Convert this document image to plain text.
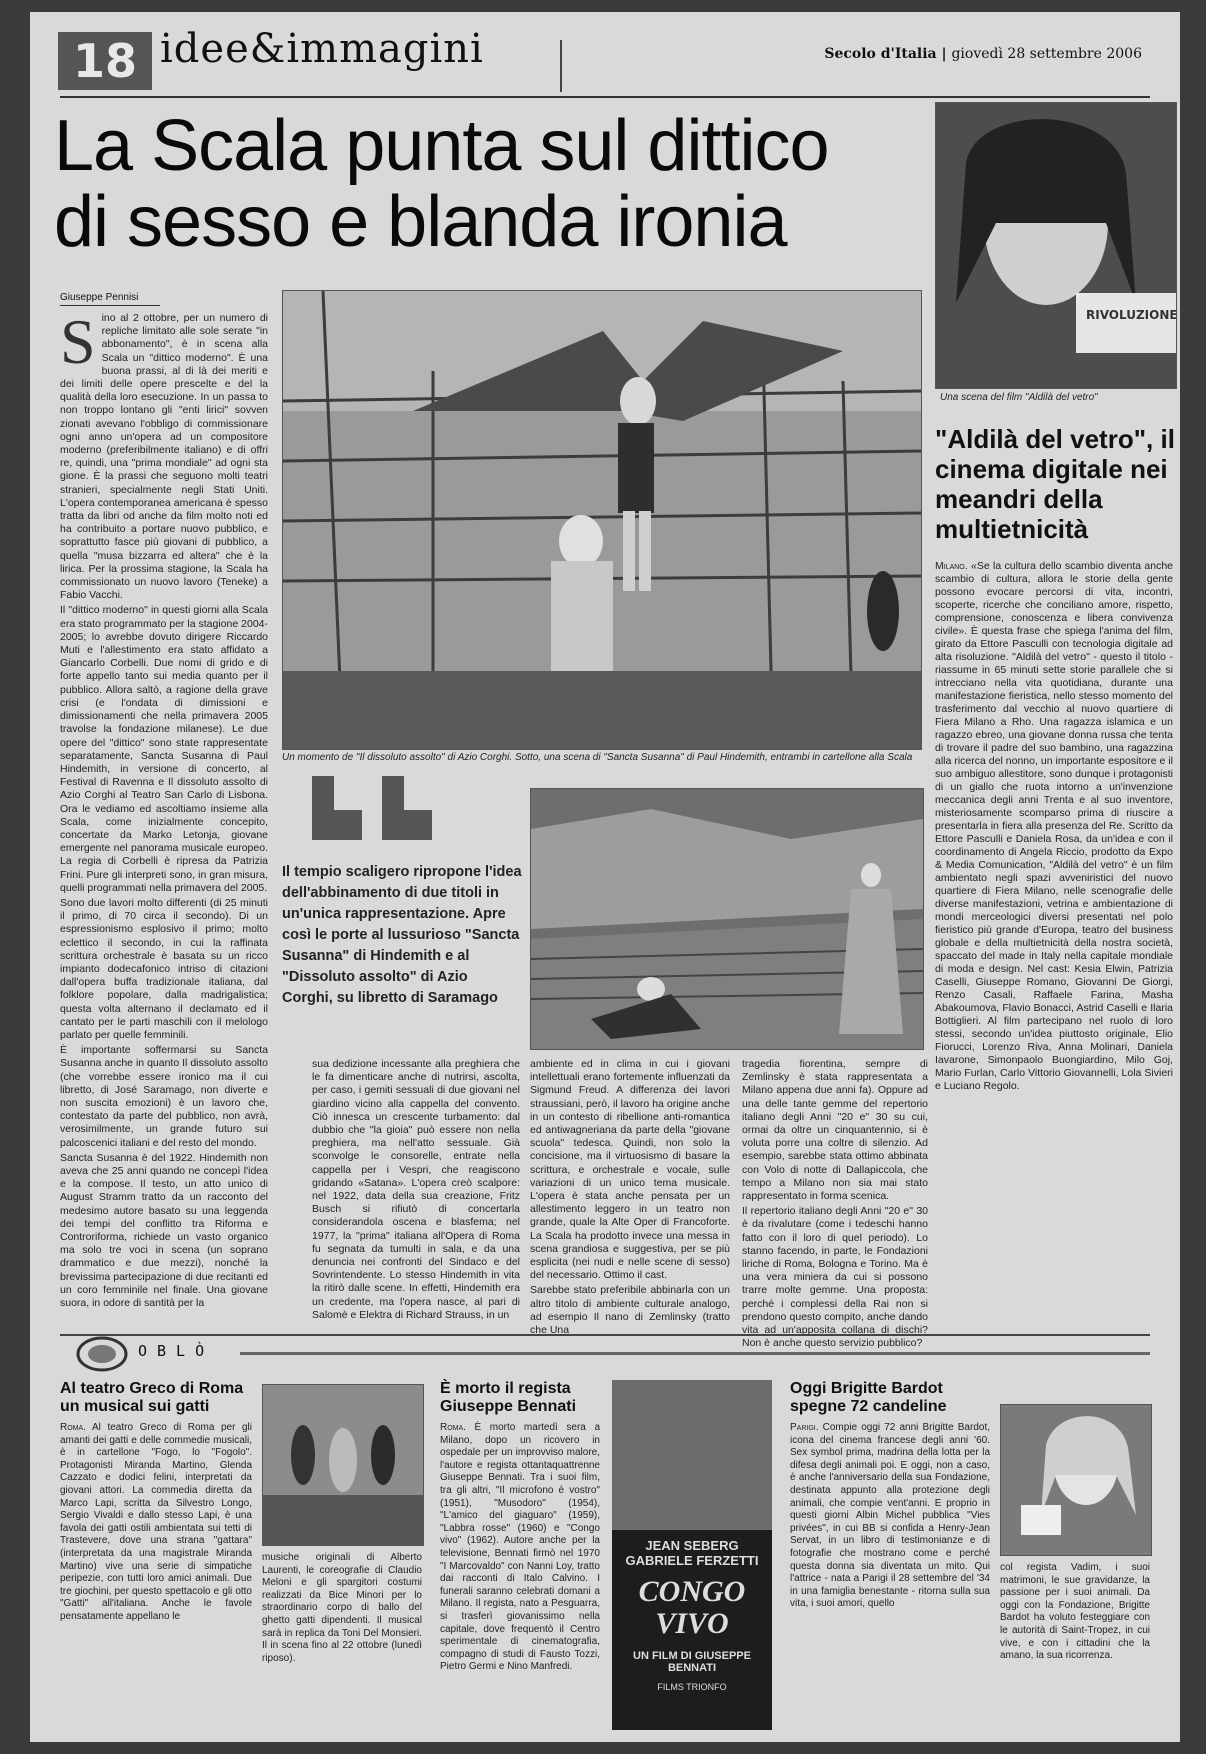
18 idee&immagini	Secolo d'Italia | giovedì 28 settembre 2006
La Scala punta sul dittico
di sesso e blanda ironia
Giuseppe Pennisi
S ino al 2 ottobre, per un numero di repliche limitato alle sole serate "in abbonamento", è in scena alla Scala un "dittico moderno". È una buona prassi, al di là dei meriti e dei limiti delle opere prescelte e del la qualità della loro esecuzione. In un passa to non troppo lontano gli "enti lirici" sovven zionati avevano l'obbligo di commissionare ogni anno un'opera ad un compositore moderno (preferibilmente italiano) e di offri re, quindi, una "prima mondiale" ad ogni sta gione. È la prassi che seguono molti teatri stranieri, specialmente negli Stati Uniti. L'opera contemporanea americana è spesso tratta da libri od anche da film molto noti ed ha contribuito a portare nuovo pubblico, e soprattutto fasce più giovani di pubblico, a quella "musa bizzarra ed altera" che è la lirica. Per la prossima stagione, la Scala ha commissionato un nuovo lavoro (Teneke) a Fabio Vacchi.

Il "dittico moderno" in questi giorni alla Scala era stato programmato per la stagione 2004-2005; lo avrebbe dovuto dirigere Riccardo Muti e l'allestimento era stato affidato a Giancarlo Corbelli. Due nomi di grido e di forte appello tanto sui media quanto per il pubblico. Allora saltò, a ragione della grave crisi (e l'ondata di dimissioni e dimissionamenti che nella primavera 2005 travolse la fondazione milanese). Le due opere del "dittico" sono state rappresentate separatamente, Sancta Susanna di Paul Hindemith, in versione di concerto, al Festival di Ravenna e Il dissoluto assolto di Azio Corghi al Teatro San Carlo di Lisbona. Ora le vediamo ed ascoltiamo insieme alla Scala, come inizialmente concepito, concertate da Marko Letonja, giovane emergente nel panorama musicale europeo. La regia di Corbelli è ripresa da Patrizia Frini. Pure gli interpreti sono, in gran misura, quelli programmati nella primavera del 2005.

Sono due lavori molto differenti (di 25 minuti il primo, di 70 circa il secondo). Di un espressionismo esplosivo il primo; molto eclettico il secondo, in cui la raffinata scrittura orchestrale è basata su un ricco impianto dodecafonico intriso di citazioni dall'opera buffa tradizionale italiana, dal folklore popolare, dalla madrigalistica; questa volta alternano il declamato ed il cantato per le parti maschili con il melologo parlato per quelle femminili.

È importante soffermarsi su Sancta Susanna anche in quanto Il dissoluto assolto (che vorrebbe essere ironico ma il cui libretto, di José Saramago, non diverte e non suscita emozioni) è un lavoro che, contestato da parte del pubblico, non avrà, verosimilmente, un grande futuro sui palcoscenici italiani e del resto del mondo.

Sancta Susanna è del 1922. Hindemith non aveva che 25 anni quando ne concepì l'idea e la compose. Il testo, un atto unico di August Stramm tratto da un racconto del medesimo autore basato su una leggenda dei tempi del conflitto tra Riforma e Controriforma, richiede un vasto organico ma solo tre voci in scena (un soprano drammatico e due mezzi), nonché la brevissima partecipazione di due recitanti ed un coro femminile nel finale. Una giovane suora, in odore di santità per la

Un momento de "Il dissoluto assolto" di Azio Corghi. Sotto, una scena di "Sancta Susanna" di Paul Hindemith, entrambi in cartellone alla Scala
Il tempio scaligero ripropone l'idea dell'abbinamento di due titoli in un'unica rappresentazione. Apre così le porte al lussurioso "Sancta Susanna" di Hindemith e al "Dissoluto assolto" di Azio Corghi, su libretto di Saramago

sua dedizione incessante alla preghiera che le fa dimenticare anche di nutrirsi, ascolta, per caso, i gemiti sessuali di due giovani nel giardino vicino alla cappella del convento. Ciò innesca un crescente turbamento: dal dubbio che "la gioia" può essere non nella preghiera, ma nell'atto sessuale. Già sconvolge le consorelle, entrate nella cappella per i Vespri, che reagiscono gridando «Satana». L'opera creò scalpore: nel 1922, data della sua creazione, Fritz Busch si rifiutò di concertarla considerandola oscena e blasfema; nel 1977, la "prima" italiana all'Opera di Roma fu segnata da tumulti in sala, e da una denuncia nei confronti del Sindaco e del Sovrintendente. Lo stesso Hindemith in vita la ritirò dalle scene. In effetti, Hindemith era un credente, ma l'opera nasce, al pari di Salomè e Elektra di Richard Strauss, in un

ambiente ed in clima in cui i giovani intellettuali erano fortemente influenzati da Sigmund Freud. A differenza dei lavori straussiani, però, il lavoro ha origine anche in un contesto di ribellione anti-romantica ed antiwagneriana da parte della "giovane scuola" tedesca. Quindi, non solo la concisione, ma il virtuosismo di basare la scrittura, e orchestrale e vocale, sulle variazioni di un unico tema musicale. L'opera è stata anche pensata per un allestimento leggero in un teatro non grande, quale la Alte Oper di Francoforte. La Scala ha prodotto invece una messa in scena grandiosa e suggestiva, per se più esplicita (nei nudi e nelle scene di sesso) del necessario. Ottimo il cast.

Sarebbe stato preferibile abbinarla con un altro titolo di ambiente culturale analogo, ad esempio Il nano di Zemlinsky (tratto che Una

tragedia fiorentina, sempre di Zemlinsky è stata rappresentata a Milano appena due anni fa). Oppure ad una delle tante gemme del repertorio italiano degli Anni "20 e" 30 su cui, ormai da oltre un cinquantennio, si è voluta porre una coltre di silenzio. Ad esempio, sarebbe stata ottimo abbinata con Volo di notte di Dallapiccola, che tempo a Milano non sia mai stato rappresentato in forma scenica.

Il repertorio italiano degli Anni "20 e" 30 è da rivalutare (come i tedeschi hanno fatto con il loro di quel periodo). Lo stanno facendo, in parte, le Fondazioni liriche di Roma, Bologna e Torino. Ma è una vera miniera da cui si possono trarre molte gemme. Una proposta: perché i complessi della Rai non si prendono questo compito, anche dando vita ad un'apposita collana di dischi? Non è anche questo servizio pubblico?

RIVOLUZIONE
Una scena del film "Aldilà del vetro"
"Aldilà del vetro", il cinema digitale nei meandri della multietnicità
Milano. «Se la cultura dello scambio diventa anche scambio di cultura, allora le storie della gente possono evocare percorsi di vita, incontri, scoperte, ricerche che conciliano amore, rispetto, comprensione, conoscenza e libera convivenza civile». È questa frase che spiega l'anima del film, girato da Ettore Pasculli con tecnologia digitale ad alta risoluzione. "Aldilà del vetro" - questo il titolo - riassume in 65 minuti sette storie parallele che si intrecciano nella vita quotidiana, durante una manifestazione fieristica, nello stesso momento del trasferimento dal vecchio al nuovo quartiere di Fiera Milano a Rho. Una ragazza islamica e un ragazzo ebreo, una giovane donna russa che tenta di trovare il padre del suo bambino, una ragazzina alla ricerca del nonno, un importante espositore e il suo ambiguo allestitore, sono dunque i protagonisti di un giallo che ruota intorno a un'invenzione meccanica degli anni Trenta e al suo inventore, misteriosamente scomparso prima di riuscire a presentarla in fiera alla presenza del Re. Scritto da Ettore Pasculli e Daniela Rosa, da un'idea e con il coordinamento di Angela Riccio, prodotto da Expo & Media Comunication, "Aldilà del vetro" è un film ambientato negli spazi avveniristici del nuovo quartiere di Fiera Milano, nelle scenografie delle diverse manifestazioni, vetrina e ambientazione di mondi merceologici diversi presentati nel polo fieristico più grande d'Europa, teatro del business globale e della multietnicità della nostra società, spaccato del made in Italy nella capitale mondiale di moda e design. Nel cast: Kesia Elwin, Patrizia Caselli, Giuseppe Romano, Giovanni De Giorgi, Renzo Casali, Raffaele Farina, Masha Abakoumova, Flavio Bonacci, Astrid Caselli e Ilaria Bottiglieri. Al film partecipano nel ruolo di loro stessi, secondo un'idea piuttosto originale, Elio Fiorucci, Lorenzo Riva, Anna Molinari, Daniela Iavarone, Simonpaolo Buongiardino, Milo Goj, Mario Furlan, Carlo Vittorio Giovannelli, Lola Sivieri e Luciano Regolo.
OBLÒ
Al teatro Greco di Roma un musical sui gatti
Roma. Al teatro Greco di Roma per gli amanti dei gatti e delle commedie musicali, è in cartellone "Fogo, lo "Fogolo". Protagonisti Miranda Martino, Glenda Cazzato e dodici felini, interpretati da giovani attori. La commedia diretta da Marco Lapi, scritta da Silvestro Longo, Sergio Vivaldi e dallo stesso Lapi, è una favola dei gatti ostili ambientata sui tetti di Trastevere, dove una strana "gattara" (interpretata da una magistrale Miranda Martino) vive una serie di simpatiche peripezie, con tutti loro amici animali. Due tre giochini, per questo spettacolo e gli otto "Gatti" all'italiana. Anche le favole pensatamente appellano le
musiche originali di Alberto Laurenti, le coreografie di Claudio Meloni e gli spargitori costumi realizzati da Bice Minori per lo straordinario corpo di ballo del ghetto gatti dipendenti. Il musical sarà in replica da Toni Del Monsieri. Il in scena fino al 22 ottobre (lunedì riposo).
È morto il regista Giuseppe Bennati
Roma. È morto martedì sera a Milano, dopo un ricovero in ospedale per un improvviso malore, l'autore e regista ottantaquattrenne Giuseppe Bennati. Tra i suoi film, tra gli altri, "Il microfono è vostro" (1951), "Musodoro" (1954), "L'amico del giaguaro" (1959), "Labbra rosse" (1960) e "Congo vivo" (1962). Autore anche per la televisione, Bennati firmò nel 1970 "I Marcovaldo" con Nanni Loy, tratto dai racconti di Italo Calvino. I funerali saranno celebrati domani a Milano. Il regista, nato a Pesguarra, si trasferì giovanissimo nella capitale, dove frequentò il Centro sperimentale di cinematografia, compagno di studi di Fausto Tozzi, Pietro Germi e Nino Manfredi.
JEAN SEBERG GABRIELE FERZETTI
CONGO VIVO
UN FILM DI GIUSEPPE BENNATI
FILMS TRIONFO
Oggi Brigitte Bardot spegne 72 candeline
Parigi. Compie oggi 72 anni Brigitte Bardot, icona del cinema francese degli anni '60. Sex symbol prima, madrina della lotta per la difesa degli animali poi. E oggi, non a caso, è anche l'anniversario della sua Fondazione, destinata appunto alla protezione degli animali, che compie vent'anni. E proprio in questi giorni Albin Michel pubblica "Vies privées", in cui BB si confida a Henry-Jean Servat, in un libro di testimonianze e di fotografie che mostrano come e perché questa donna sia diventata un mito. Qui l'attrice - nata a Parigi il 28 settembre del '34 in una famiglia benestante - ritorna sulla sua vita, i suoi amori, quello
col regista Vadim, i suoi matrimoni, le sue gravidanze, la passione per i suoi animali. Da oggi con la Fondazione, Brigitte Bardot ha voluto festeggiare con le autorità di Saint-Tropez, in cui vive, e con i cittadini che la amano, la sua ricorrenza.
